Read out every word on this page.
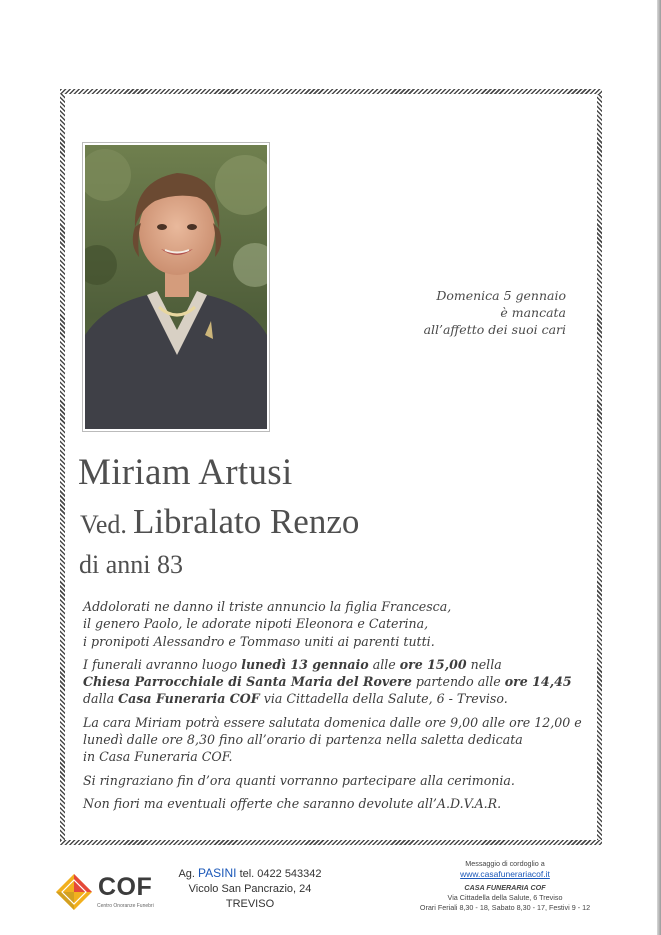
Domenica 5 gennaio
è mancata
all’affetto dei suoi cari
Miriam Artusi
Ved. Libralato Renzo
di anni 83

Addolorati ne danno il triste annuncio la figlia Francesca,
il genero Paolo, le adorate nipoti Eleonora e Caterina,
i pronipoti Alessandro e Tommaso uniti ai parenti tutti.

I funerali avranno luogo lunedì 13 gennaio alle ore 15,00 nella
Chiesa Parrocchiale di Santa Maria del Rovere partendo alle ore 14,45
dalla Casa Funeraria COF via Cittadella della Salute, 6 - Treviso.

La cara Miriam potrà essere salutata domenica dalle ore 9,00 alle ore 12,00 e
lunedì dalle ore 8,30 fino all’orario di partenza nella saletta dedicata
in Casa Funeraria COF.

Si ringraziano fin d’ora quanti vorranno partecipare alla cerimonia.

Non fiori ma eventuali offerte che saranno devolute all’A.D.V.A.R.

COF
Centro Onoranze Funebri
Ag. PASINI tel. 0422 543342
Vicolo San Pancrazio, 24
TREVISO
Messaggio di cordoglio a
www.casafunerariacof.it
CASA FUNERARIA COF
Via Cittadella della Salute, 6 Treviso
Orari Feriali 8,30 - 18, Sabato 8,30 - 17, Festivi 9 - 12
